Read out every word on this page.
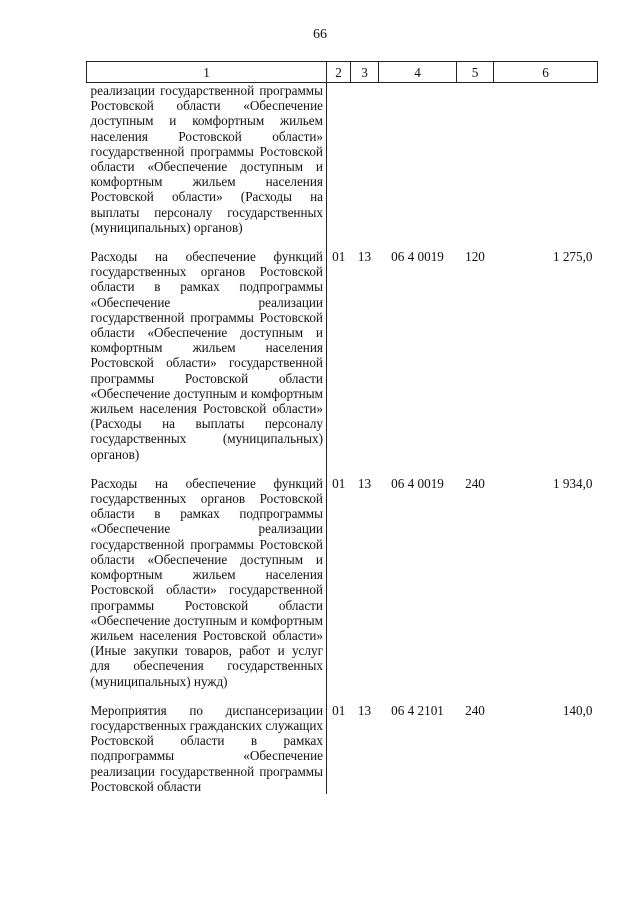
66
1	2	3	4	5	6
реализации государственной программы Ростовской области «Обеспечение доступным и комфортным жильем населения Ростовской области» государственной программы Ростовской области «Обеспечение доступным и комфортным жильем населения Ростовской области» (Расходы на выплаты персоналу государственных (муниципальных) органов)					

Расходы на обеспечение функций государственных органов Ростовской области в рамках подпрограммы «Обеспечение реализации государственной программы Ростовской области «Обеспечение доступным и комфортным жильем населения Ростовской области» государственной программы Ростовской области «Обеспечение доступным и комфортным жильем населения Ростовской области» (Расходы на выплаты персоналу государственных (муниципальных) органов)	01	13	06 4 0019	120	1 275,0

Расходы на обеспечение функций государственных органов Ростовской области в рамках подпрограммы «Обеспечение реализации государственной программы Ростовской области «Обеспечение доступным и комфортным жильем населения Ростовской области» государственной программы Ростовской области «Обеспечение доступным и комфортным жильем населения Ростовской области» (Иные закупки товаров, работ и услуг для обеспечения государственных (муниципальных) нужд)	01	13	06 4 0019	240	1 934,0

Мероприятия по диспансеризации государственных гражданских служащих Ростовской области в рамках подпрограммы «Обеспечение реализации государственной программы Ростовской области	01	13	06 4 2101	240	140,0
